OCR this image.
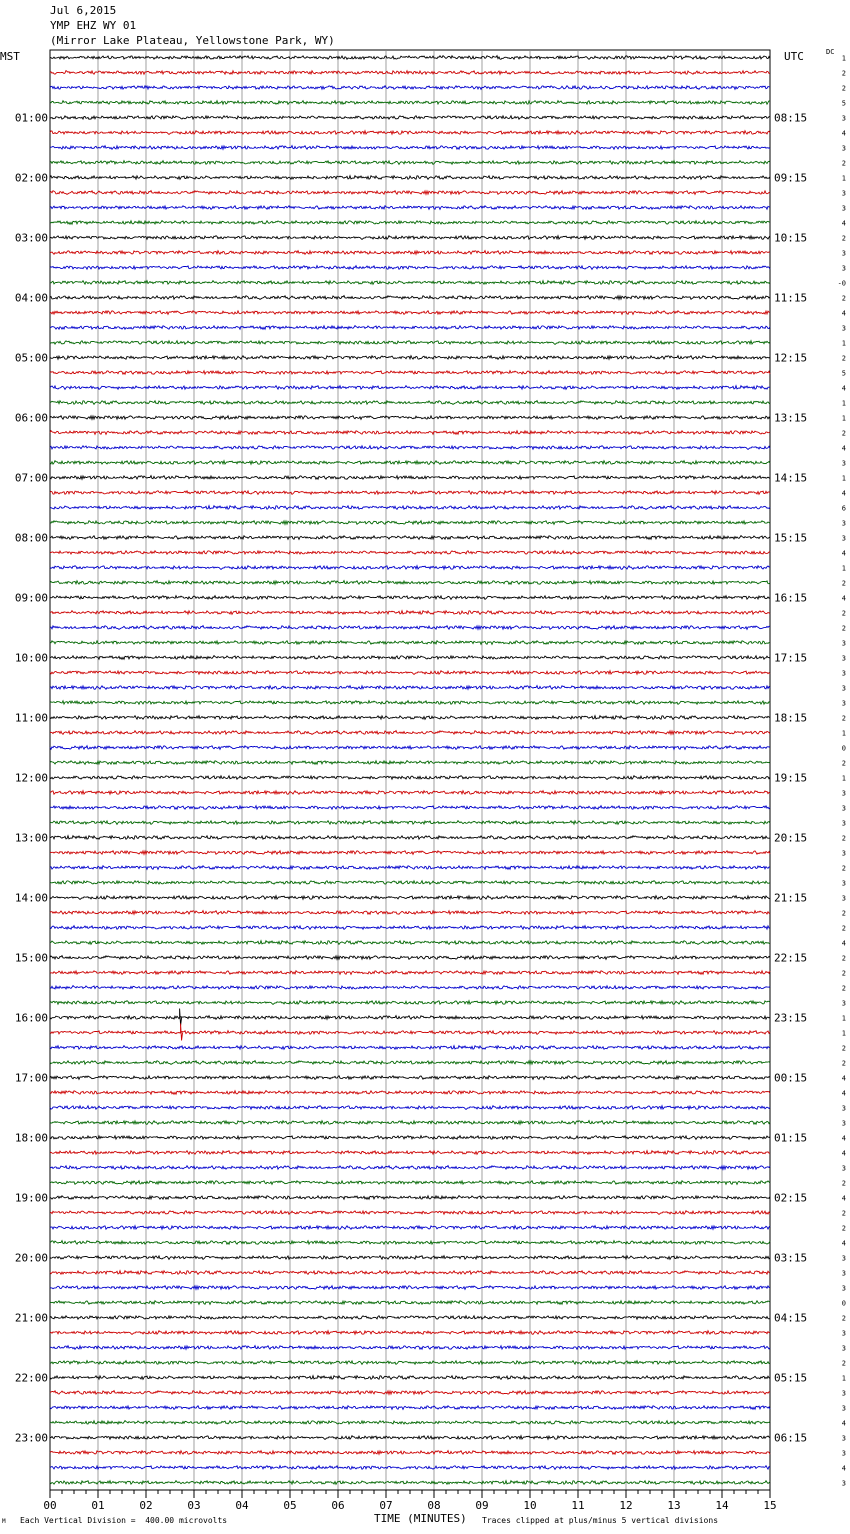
Jul 6,2015
YMP EHZ WY 01
(Mirror Lake Plateau, Yellowstone Park, WY)
MST	UTC	DC
01:00
02:00
03:00
04:00
05:00
06:00
07:00
08:00
09:00
10:00
11:00
12:00
13:00
14:00
15:00
16:00
17:00
18:00
19:00
20:00
21:00
22:00
23:00
08:15
09:15
10:15
11:15
12:15
13:15
14:15
15:15
16:15
17:15
18:15
19:15
20:15
21:15
22:15
23:15
00:15
01:15
02:15
03:15
04:15
05:15
06:15
1
2
2
5
3
4
3
2
1
3
3
4
2
3
3
-0
2
4
3
1
2
5
4
1
1
2
4
3
1
4
6
3
3
4
1
2
4
2
2
3
3
3
3
3
2
1
0
2
1
3
3
3
2
3
2
3
3
2
2
4
2
2
2
3
1
1
2
2
4
4
3
3
4
4
3
2
4
2
2
4
3
3
3
0
2
3
3
2
1
3
3
4
3
3
4
3
00	01	02	03	04	05	06	07	08	09	10	11	12	13	14	15
M Each Vertical Division =  400.00 microvolts	TIME (MINUTES) Traces clipped at plus/minus 5 vertical divisions
